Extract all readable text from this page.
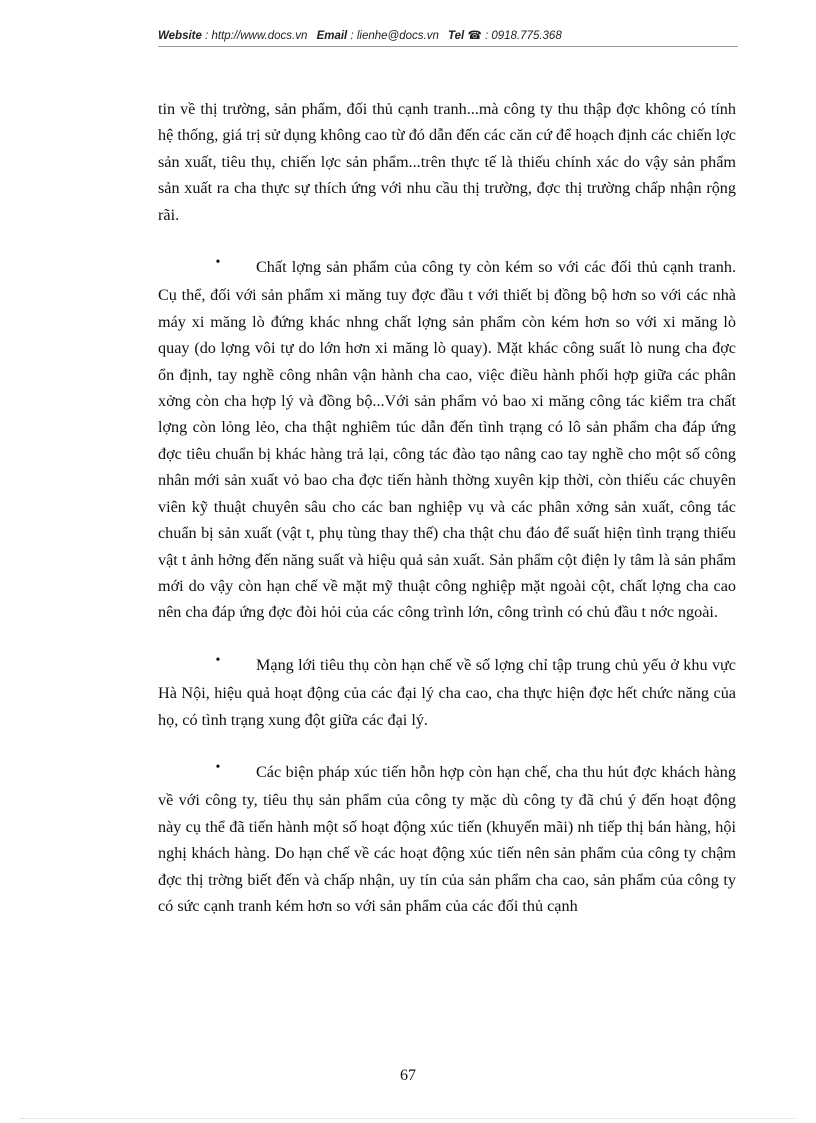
Website : http://www.docs.vn Email : lienhe@docs.vn Tel ☎ : 0918.775.368

tin về thị trường, sản phẩm, đối thủ cạnh tranh...mà công ty thu thập đợc không có tính hệ thống, giá trị sử dụng không cao từ đó dẫn đến các căn cứ để hoạch định các chiến lợc sản xuất, tiêu thụ, chiến lợc sản phẩm...trên thực tế là thiếu chính xác do vậy sản phẩm sản xuất ra cha thực sự thích ứng với nhu cầu thị trường, đợc thị trường chấp nhận rộng rãi.

• Chất lợng sản phẩm của công ty còn kém so với các đối thủ cạnh tranh. Cụ thể, đối với sản phẩm xi măng tuy đợc đầu t với thiết bị đồng bộ hơn so với các nhà máy xi măng lò đứng khác nhng chất lợng sản phẩm còn kém hơn so với xi măng lò quay (do lợng vôi tự do lớn hơn xi măng lò quay). Mặt khác công suất lò nung cha đợc ổn định, tay nghề công nhân vận hành cha cao, việc điều hành phối hợp giữa các phân xởng còn cha hợp lý và đồng bộ...Với sản phẩm vỏ bao xi măng công tác kiểm tra chất lợng còn lỏng lẻo, cha thật nghiêm túc dẫn đến tình trạng có lô sản phẩm cha đáp ứng đợc tiêu chuẩn bị khác hàng trả lại, công tác đào tạo nâng cao tay nghề cho một số công nhân mới sản xuất vỏ bao cha đợc tiến hành thờng xuyên kịp thời, còn thiếu các chuyên viên kỹ thuật chuyên sâu cho các ban nghiệp vụ và các phân xởng sản xuất, công tác chuẩn bị sản xuất (vật t, phụ tùng thay thế) cha thật chu đáo để suất hiện tình trạng thiếu vật t ảnh hởng đến năng suất và hiệu quả sản xuất. Sản phẩm cột điện ly tâm là sản phẩm mới do vậy còn hạn chế về mặt mỹ thuật công nghiệp mặt ngoài cột, chất lợng cha cao nên cha đáp ứng đợc đòi hỏi của các công trình lớn, công trình có chủ đầu t nớc ngoài.

• Mạng lới tiêu thụ còn hạn chế về số lợng chỉ tập trung chủ yếu ở khu vực Hà Nội, hiệu quả hoạt động của các đại lý cha cao, cha thực hiện đợc hết chức năng của họ, có tình trạng xung đột giữa các đại lý.

• Các biện pháp xúc tiến hỗn hợp còn hạn chế, cha thu hút đợc khách hàng về với công ty, tiêu thụ sản phẩm của công ty mặc dù công ty đã chú ý đến hoạt động này cụ thể đã tiến hành một số hoạt động xúc tiến (khuyến mãi) nh tiếp thị bán hàng, hội nghị khách hàng. Do hạn chế về các hoạt động xúc tiến nên sản phẩm của công ty chậm đợc thị trờng biết đến và chấp nhận, uy tín của sản phẩm cha cao, sản phẩm của công ty có sức cạnh tranh kém hơn so với sản phẩm của các đối thủ cạnh

67
